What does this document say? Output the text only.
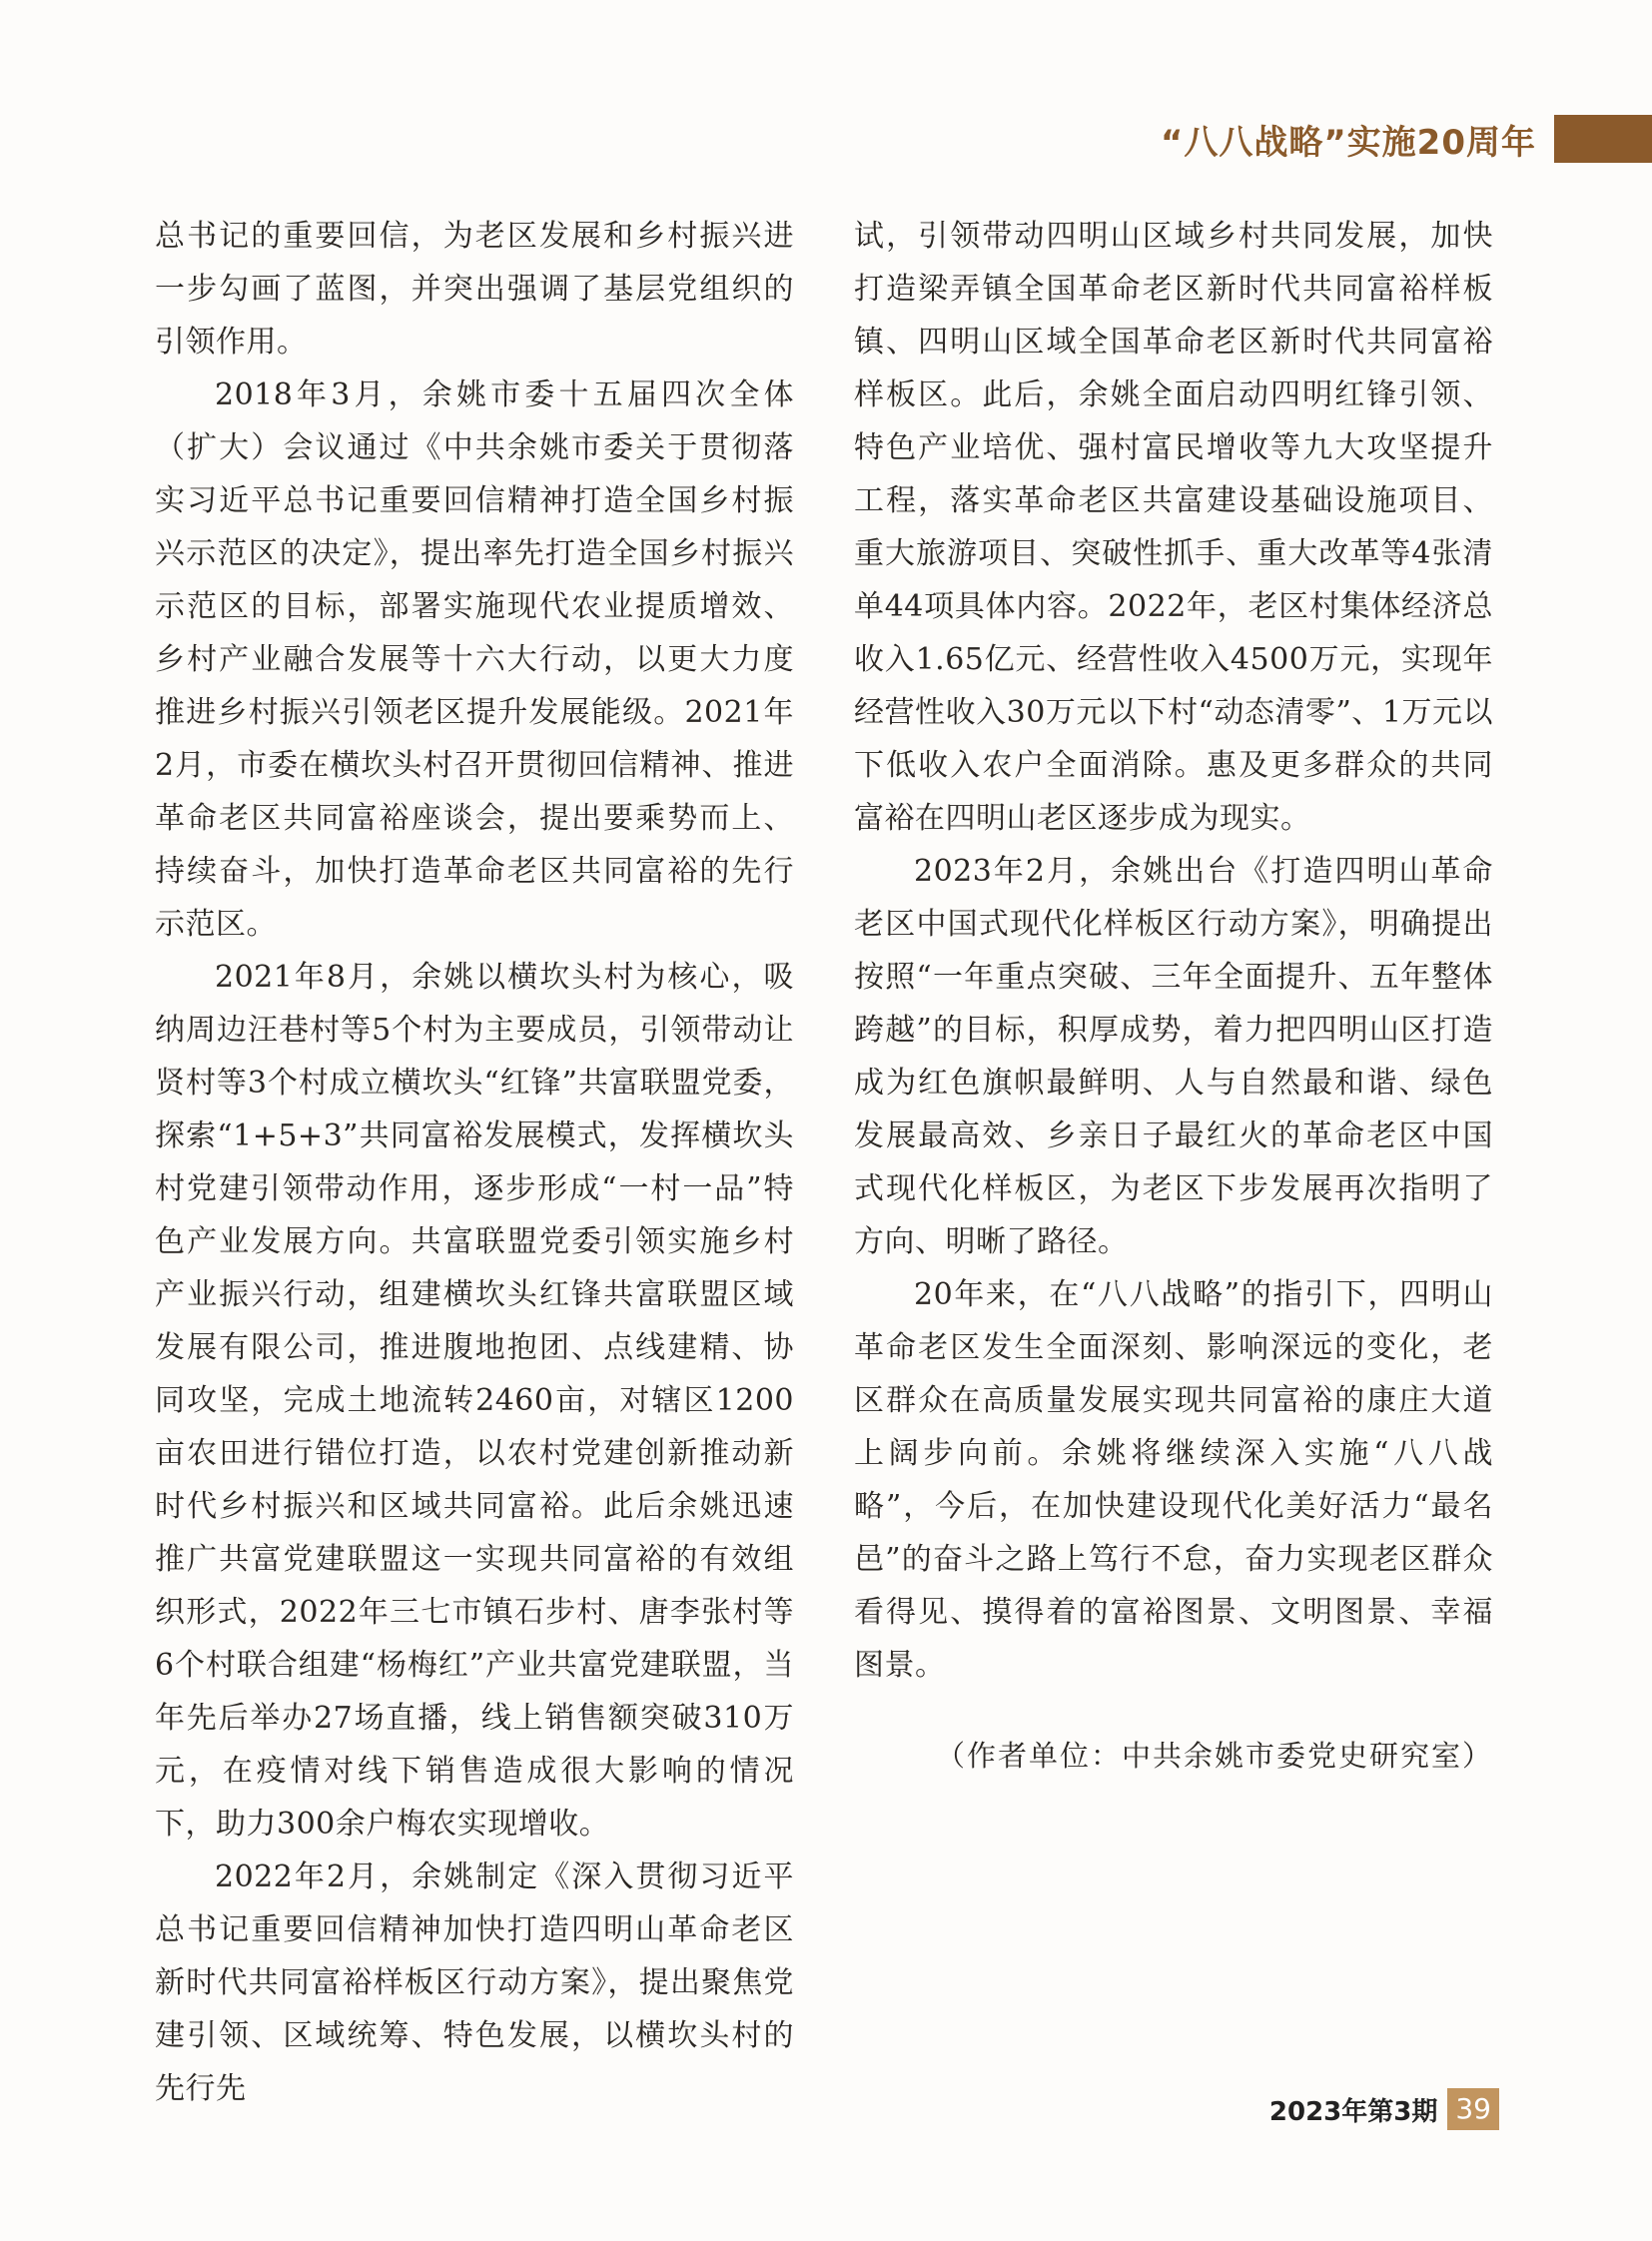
“八八战略”实施20周年

总书记的重要回信，为老区发展和乡村振兴进一步勾画了蓝图，并突出强调了基层党组织的引领作用。

2018年3月，余姚市委十五届四次全体（扩大）会议通过《中共余姚市委关于贯彻落实习近平总书记重要回信精神打造全国乡村振兴示范区的决定》，提出率先打造全国乡村振兴示范区的目标，部署实施现代农业提质增效、乡村产业融合发展等十六大行动，以更大力度推进乡村振兴引领老区提升发展能级。2021年2月，市委在横坎头村召开贯彻回信精神、推进革命老区共同富裕座谈会，提出要乘势而上、持续奋斗，加快打造革命老区共同富裕的先行示范区。

2021年8月，余姚以横坎头村为核心，吸纳周边汪巷村等5个村为主要成员，引领带动让贤村等3个村成立横坎头“红锋”共富联盟党委，探索“1+5+3”共同富裕发展模式，发挥横坎头村党建引领带动作用，逐步形成“一村一品”特色产业发展方向。共富联盟党委引领实施乡村产业振兴行动，组建横坎头红锋共富联盟区域发展有限公司，推进腹地抱团、点线建精、协同攻坚，完成土地流转2460亩，对辖区1200亩农田进行错位打造，以农村党建创新推动新时代乡村振兴和区域共同富裕。此后余姚迅速推广共富党建联盟这一实现共同富裕的有效组织形式，2022年三七市镇石步村、唐李张村等6个村联合组建“杨梅红”产业共富党建联盟，当年先后举办27场直播，线上销售额突破310万元，在疫情对线下销售造成很大影响的情况下，助力300余户梅农实现增收。

2022年2月，余姚制定《深入贯彻习近平总书记重要回信精神加快打造四明山革命老区新时代共同富裕样板区行动方案》，提出聚焦党建引领、区域统筹、特色发展，以横坎头村的先行先

试，引领带动四明山区域乡村共同发展，加快打造梁弄镇全国革命老区新时代共同富裕样板镇、四明山区域全国革命老区新时代共同富裕样板区。此后，余姚全面启动四明红锋引领、特色产业培优、强村富民增收等九大攻坚提升工程，落实革命老区共富建设基础设施项目、重大旅游项目、突破性抓手、重大改革等4张清单44项具体内容。2022年，老区村集体经济总收入1.65亿元、经营性收入4500万元，实现年经营性收入30万元以下村“动态清零”、1万元以下低收入农户全面消除。惠及更多群众的共同富裕在四明山老区逐步成为现实。

2023年2月，余姚出台《打造四明山革命老区中国式现代化样板区行动方案》，明确提出按照“一年重点突破、三年全面提升、五年整体跨越”的目标，积厚成势，着力把四明山区打造成为红色旗帜最鲜明、人与自然最和谐、绿色发展最高效、乡亲日子最红火的革命老区中国式现代化样板区，为老区下步发展再次指明了方向、明晰了路径。

20年来，在“八八战略”的指引下，四明山革命老区发生全面深刻、影响深远的变化，老区群众在高质量发展实现共同富裕的康庄大道上阔步向前。余姚将继续深入实施“八八战略”，今后，在加快建设现代化美好活力“最名邑”的奋斗之路上笃行不怠，奋力实现老区群众看得见、摸得着的富裕图景、文明图景、幸福图景。

（作者单位：中共余姚市委党史研究室）

2023年第3期 39
